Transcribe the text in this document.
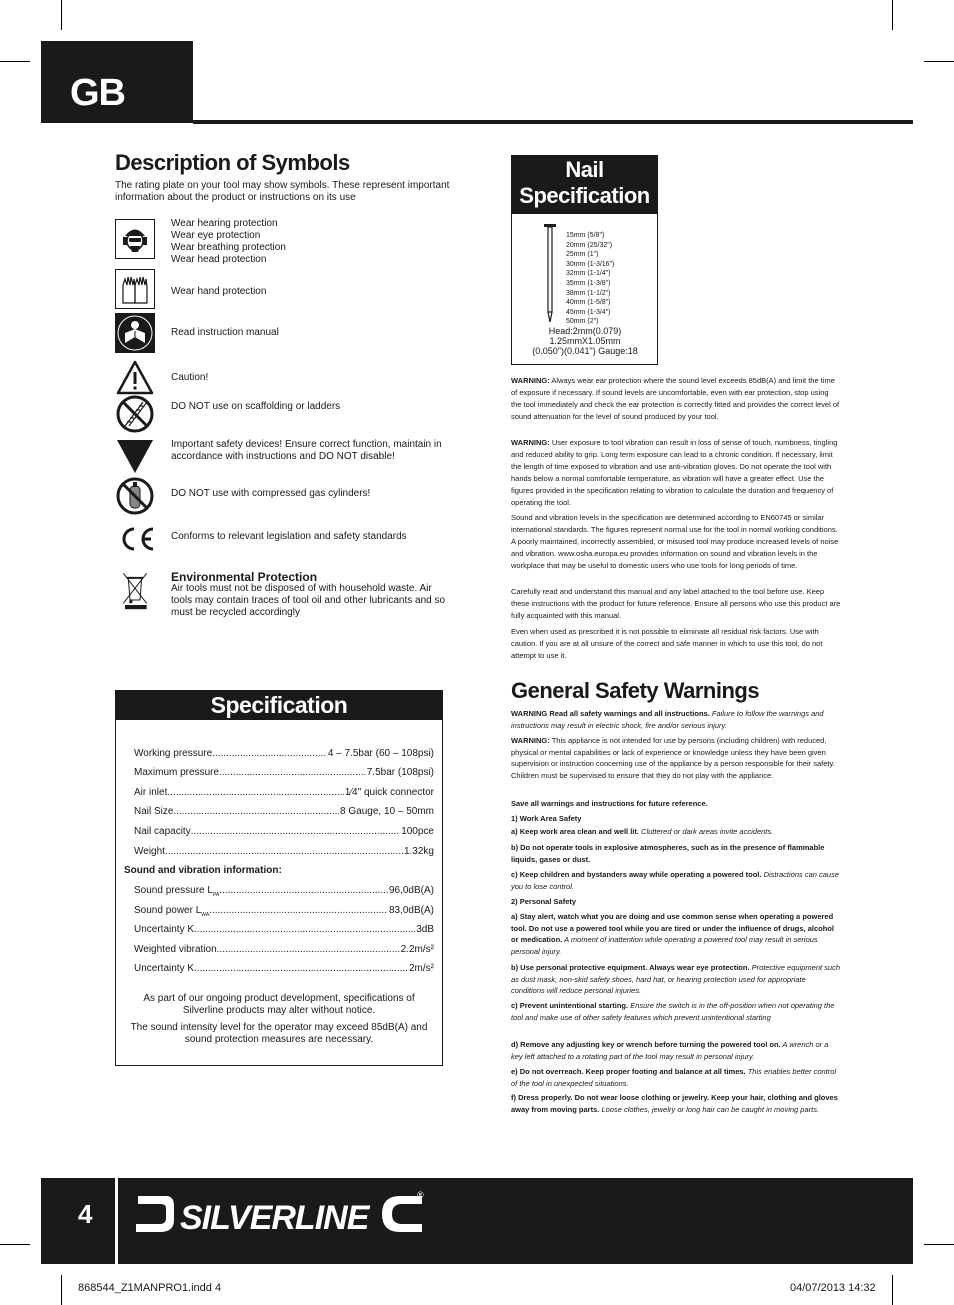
GB
Description of Symbols
The rating plate on your tool may show symbols. These represent important information about the product or instructions on its use
Wear hearing protection
Wear eye protection
Wear breathing protection
Wear head protection
Wear hand protection
Read instruction manual
Caution!
DO NOT use on scaffolding or ladders
Important safety devices! Ensure correct function, maintain in accordance with instructions and DO NOT disable!
DO NOT use with compressed gas cylinders!
Conforms to relevant legislation and safety standards
Environmental Protection
Air tools must not be disposed of with household waste. Air tools may contain traces of tool oil and other lubricants and so must be recycled accordingly
Specification
Working pressure .....	4 – 7.5bar (60 – 108psi)
Maximum pressure .....	7.5bar (108psi)
Air inlet .....	1⁄4" quick connector
Nail Size .....	8 Gauge, 10 – 50mm
Nail capacity .....	100pce
Weight .....	1.32kg
Sound and vibration information:
Sound pressure $L_{PA}$ .....	96,0dB(A)
Sound power $L_{WA}$ .....	83,0dB(A)
Uncertainty K .....	3dB
Weighted vibration .....	2.2m/s²
Uncertainty K .....	2m/s²
As part of our ongoing product development, specifications of Silverline products may alter without notice.
The sound intensity level for the operator may exceed 85dB(A) and sound protection measures are necessary.
Nail
Specification
15mm (5/8")
20mm (25/32")
25mm (1")
30mm (1-3/16")
32mm (1-1/4")
35mm (1-3/8")
38mm (1-1/2")
40mm (1-5/8")
45mm (1-3/4")
50mm (2")
Head:2mm(0.079)
1.25mmX1.05mm
(0.050")(0.041") Gauge:18
WARNING: Always wear ear protection where the sound level exceeds 85dB(A) and limit the time of exposure if necessary. If sound levels are uncomfortable, even with ear protection, stop using the tool immediately and check the ear protection is correctly fitted and provides the correct level of sound attenuation for the level of sound produced by your tool.
WARNING: User exposure to tool vibration can result in loss of sense of touch, numbness, tingling and reduced ability to grip. Long term exposure can lead to a chronic condition. If necessary, limit the length of time exposed to vibration and use anti-vibration gloves. Do not operate the tool with hands below a normal comfortable temperature, as vibration will have a greater effect. Use the figures provided in the specification relating to vibration to calculate the duration and frequency of operating the tool.
Sound and vibration levels in the specification are determined according to EN60745 or similar international standards. The figures represent normal use for the tool in normal working conditions. A poorly maintained, incorrectly assembled, or misused tool may produce increased levels of noise and vibration. www.osha.europa.eu provides information on sound and vibration levels in the workplace that may be useful to domestic users who use tools for long periods of time.
Carefully read and understand this manual and any label attached to the tool before use. Keep these instructions with the product for future reference. Ensure all persons who use this product are fully acquainted with this manual.
Even when used as prescribed it is not possible to eliminate all residual risk factors. Use with caution. If you are at all unsure of the correct and safe manner in which to use this tool, do not attempt to use it.
General Safety Warnings
WARNING Read all safety warnings and all instructions. Failure to follow the warnings and instructions may result in electric shock, fire and/or serious injury.
WARNING: This appliance is not intended for use by persons (including children) with reduced, physical or mental capabilities or lack of experience or knowledge unless they have been given supervision or instruction concerning use of the appliance by a person responsible for their safety. Children must be supervised to ensure that they do not play with the appliance.
Save all warnings and instructions for future reference.
1) Work Area Safety
a) Keep work area clean and well lit. Cluttered or dark areas invite accidents.
b) Do not operate tools in explosive atmospheres, such as in the presence of flammable liquids, gases or dust.
c) Keep children and bystanders away while operating a powered tool. Distractions can cause you to lose control.
2) Personal Safety
a) Stay alert, watch what you are doing and use common sense when operating a powered tool. Do not use a powered tool while you are tired or under the influence of drugs, alcohol or medication. A moment of inattention while operating a powered tool may result in serious personal injury.
b) Use personal protective equipment. Always wear eye protection. Protective equipment such as dust mask, non-skid safety shoes, hard hat, or hearing protection used for appropriate conditions will reduce personal injuries.
c) Prevent unintentional starting. Ensure the switch is in the off-position when not operating the tool and make use of other safety features which prevent unintentional starting
d) Remove any adjusting key or wrench before turning the powered tool on. A wrench or a key left attached to a rotating part of the tool may result in personal injury.
e) Do not overreach. Keep proper footing and balance at all times. This enables better control of the tool in unexpected situations.
f) Dress properly. Do not wear loose clothing or jewelry. Keep your hair, clothing and gloves away from moving parts. Loose clothes, jewelry or long hair can be caught in moving parts.
4	SILVERLINE
®
868544_Z1MANPRO1.indd 4	04/07/2013 14:32
